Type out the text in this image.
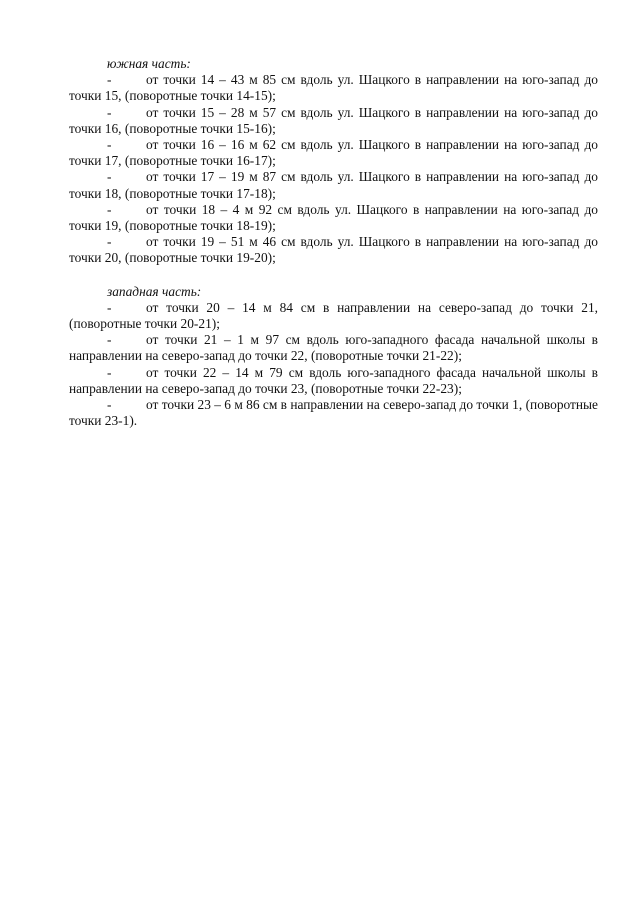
южная часть:

-	от точки 14 – 43 м 85 см вдоль ул. Шацкого в направлении на юго-запад до точки 15, (поворотные точки 14-15);

-	от точки 15 – 28 м 57 см вдоль ул. Шацкого в направлении на юго-запад до точки 16, (поворотные точки 15-16);

-	от точки 16 – 16 м 62 см вдоль ул. Шацкого в направлении на юго-запад до точки 17, (поворотные точки 16-17);

-	от точки 17 – 19 м 87 см вдоль ул. Шацкого в направлении на юго-запад до точки 18, (поворотные точки 17-18);

-	от точки 18 – 4 м 92 см вдоль ул. Шацкого в направлении на юго-запад до точки 19, (поворотные точки 18-19);

-	от точки 19 – 51 м 46 см вдоль ул. Шацкого в направлении на юго-запад до точки 20, (поворотные точки 19-20);

западная часть:

-	от точки 20 – 14 м 84 см в направлении на северо-запад до точки 21, (поворотные точки 20-21);

-	от точки 21 – 1 м 97 см вдоль юго-западного фасада начальной школы в направлении на северо-запад до точки 22, (поворотные точки 21-22);

-	от точки 22 – 14 м 79 см вдоль юго-западного фасада начальной школы в направлении на северо-запад до точки 23, (поворотные точки 22-23);

-	от точки 23 – 6 м 86 см в направлении на северо-запад до точки 1, (поворотные точки 23-1).
